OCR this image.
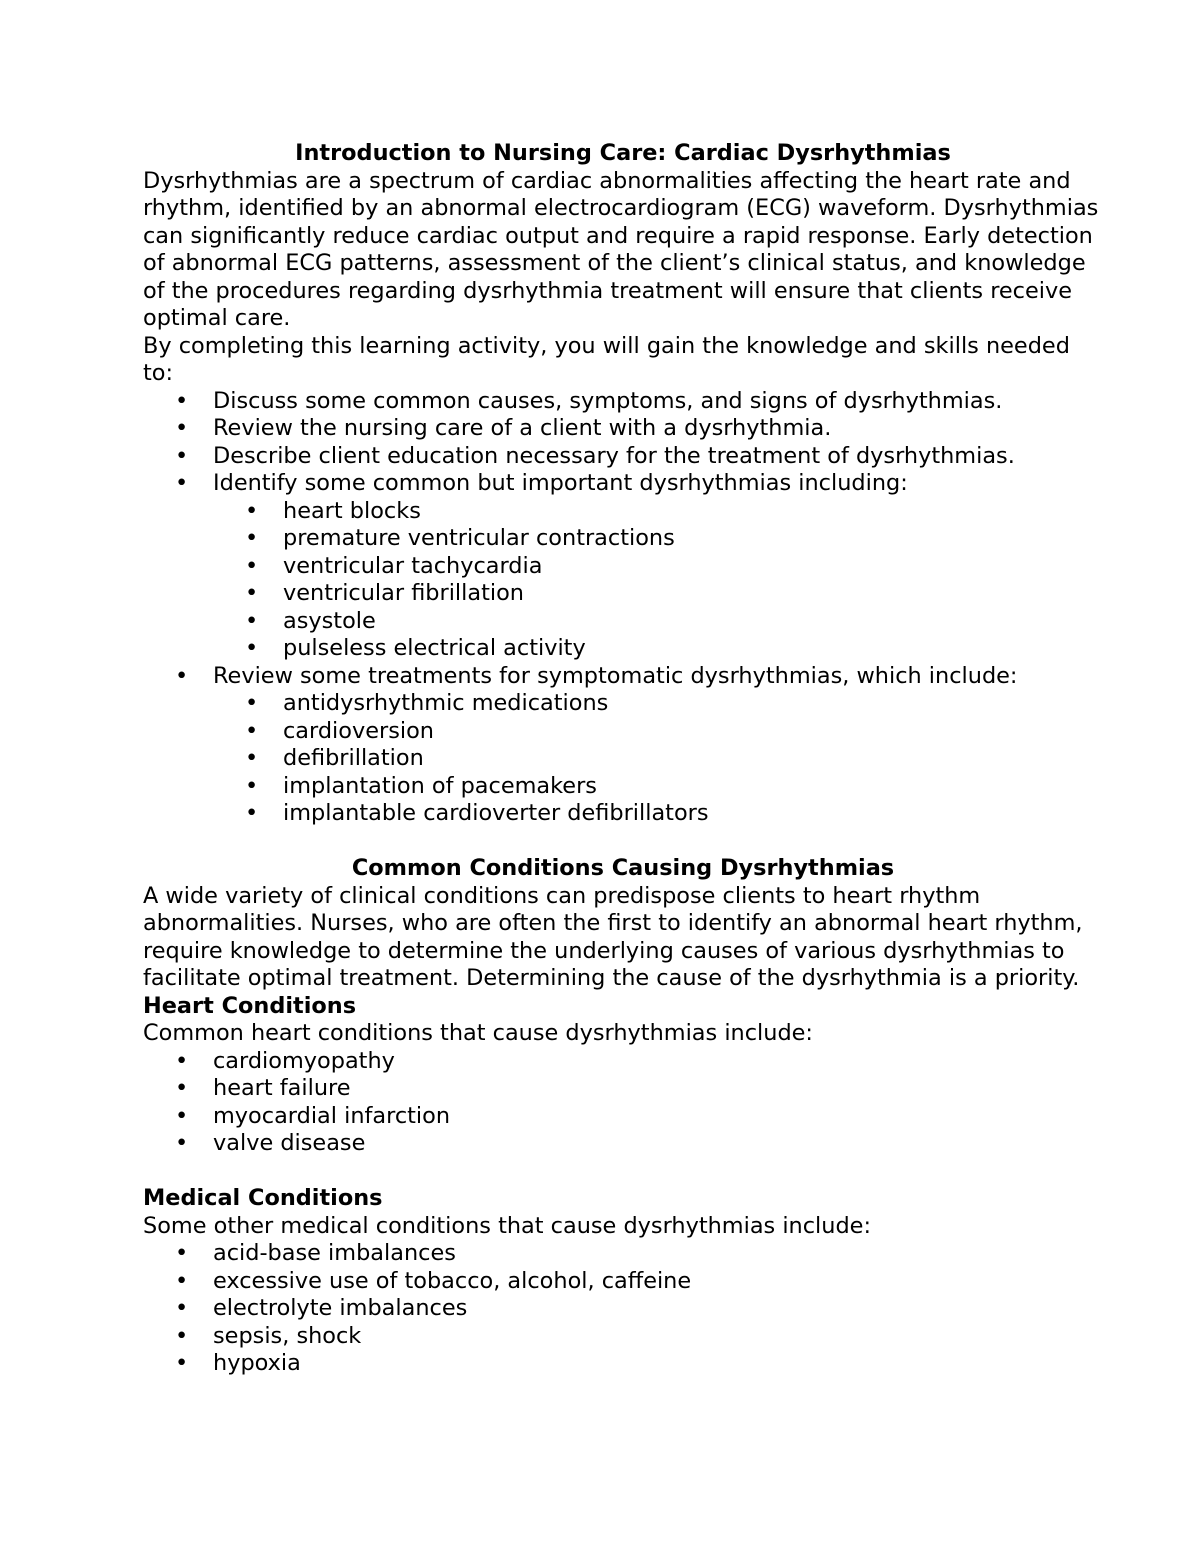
Introduction to Nursing Care: Cardiac Dysrhythmias

Dysrhythmias are a spectrum of cardiac abnormalities affecting the heart rate and rhythm, identified by an abnormal electrocardiogram (ECG) waveform. Dysrhythmias can significantly reduce cardiac output and require a rapid response. Early detection of abnormal ECG patterns, assessment of the client’s clinical status, and knowledge of the procedures regarding dysrhythmia treatment will ensure that clients receive optimal care.

By completing this learning activity, you will gain the knowledge and skills needed to:

• Discuss some common causes, symptoms, and signs of dysrhythmias.
• Review the nursing care of a client with a dysrhythmia.
• Describe client education necessary for the treatment of dysrhythmias.
• Identify some common but important dysrhythmias including:
• heart blocks
• premature ventricular contractions
• ventricular tachycardia
• ventricular fibrillation
• asystole
• pulseless electrical activity
• Review some treatments for symptomatic dysrhythmias, which include:
• antidysrhythmic medications
• cardioversion
• defibrillation
• implantation of pacemakers
• implantable cardioverter defibrillators

Common Conditions Causing Dysrhythmias

A wide variety of clinical conditions can predispose clients to heart rhythm abnormalities. Nurses, who are often the first to identify an abnormal heart rhythm, require knowledge to determine the underlying causes of various dysrhythmias to facilitate optimal treatment. Determining the cause of the dysrhythmia is a priority.

Heart Conditions

Common heart conditions that cause dysrhythmias include:

• cardiomyopathy
• heart failure
• myocardial infarction
• valve disease

Medical Conditions

Some other medical conditions that cause dysrhythmias include:

• acid-base imbalances
• excessive use of tobacco, alcohol, caffeine
• electrolyte imbalances
• sepsis, shock
• hypoxia
